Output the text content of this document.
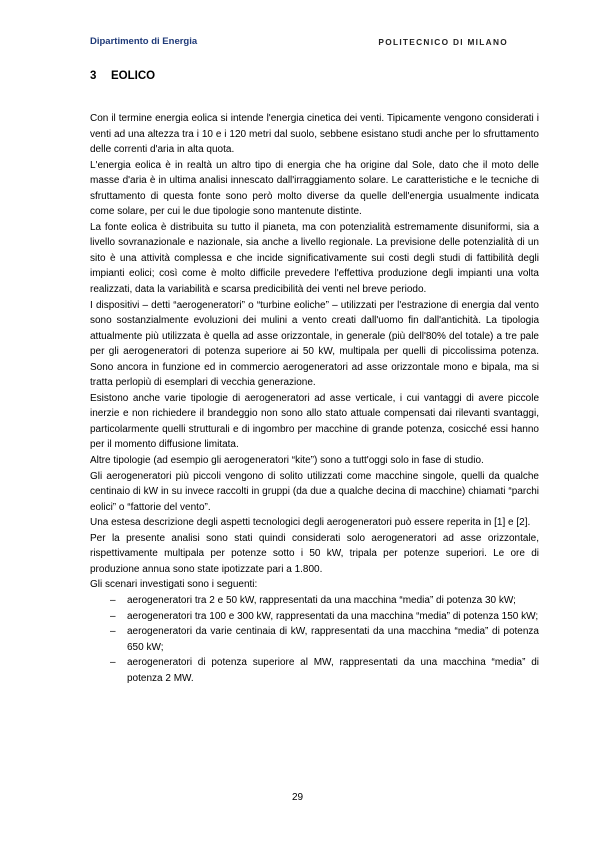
Dipartimento di Energia	POLITECNICO DI MILANO
3 EOLICO

Con il termine energia eolica si intende l'energia cinetica dei venti. Tipicamente vengono considerati i venti ad una altezza tra i 10 e i 120 metri dal suolo, sebbene esistano studi anche per lo sfruttamento delle correnti d'aria in alta quota.

L'energia eolica è in realtà un altro tipo di energia che ha origine dal Sole, dato che il moto delle masse d'aria è in ultima analisi innescato dall'irraggiamento solare. Le caratteristiche e le tecniche di sfruttamento di questa fonte sono però molto diverse da quelle dell'energia usualmente indicata come solare, per cui le due tipologie sono mantenute distinte.

La fonte eolica è distribuita su tutto il pianeta, ma con potenzialità estremamente disuniformi, sia a livello sovranazionale e nazionale, sia anche a livello regionale. La previsione delle potenzialità di un sito è una attività complessa e che incide significativamente sui costi degli studi di fattibilità degli impianti eolici; così come è molto difficile prevedere l'effettiva produzione degli impianti una volta realizzati, data la variabilità e scarsa predicibilità dei venti nel breve periodo.

I dispositivi – detti “aerogeneratori” o “turbine eoliche” – utilizzati per l'estrazione di energia dal vento sono sostanzialmente evoluzioni dei mulini a vento creati dall'uomo fin dall'antichità. La tipologia attualmente più utilizzata è quella ad asse orizzontale, in generale (più dell'80% del totale) a tre pale per gli aerogeneratori di potenza superiore ai 50 kW, multipala per quelli di piccolissima potenza. Sono ancora in funzione ed in commercio aerogeneratori ad asse orizzontale mono e bipala, ma si tratta perlopiù di esemplari di vecchia generazione.

Esistono anche varie tipologie di aerogeneratori ad asse verticale, i cui vantaggi di avere piccole inerzie e non richiedere il brandeggio non sono allo stato attuale compensati dai rilevanti svantaggi, particolarmente quelli strutturali e di ingombro per macchine di grande potenza, cosicché essi hanno per il momento diffusione limitata.

Altre tipologie (ad esempio gli aerogeneratori “kite”) sono a tutt'oggi solo in fase di studio.

Gli aerogeneratori più piccoli vengono di solito utilizzati come macchine singole, quelli da qualche centinaio di kW in su invece raccolti in gruppi (da due a qualche decina di macchine) chiamati “parchi eolici” o “fattorie del vento”.

Una estesa descrizione degli aspetti tecnologici degli aerogeneratori può essere reperita in [1] e [2].

Per la presente analisi sono stati quindi considerati solo aerogeneratori ad asse orizzontale, rispettivamente multipala per potenze sotto i 50 kW, tripala per potenze superiori. Le ore di produzione annua sono state ipotizzate pari a 1.800.

Gli scenari investigati sono i seguenti:

– aerogeneratori tra 2 e 50 kW, rappresentati da una macchina “media” di potenza 30 kW;
– aerogeneratori tra 100 e 300 kW, rappresentati da una macchina “media” di potenza 150 kW;
– aerogeneratori da varie centinaia di kW, rappresentati da una macchina “media” di potenza 650 kW;
– aerogeneratori di potenza superiore al MW, rappresentati da una macchina “media” di potenza 2 MW.
29
